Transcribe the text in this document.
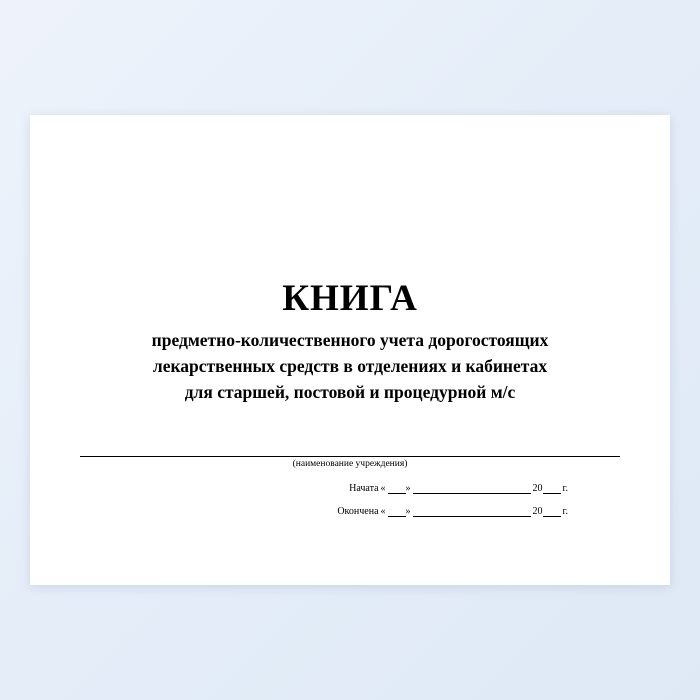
КНИГА
предметно-количественного учета дорогостоящих
лекарственных средств в отделениях и кабинетах
для старшей, постовой и процедурной м/с
(наименование учреждения)
Начата « »	20 г.
Окончена « »	20 г.
